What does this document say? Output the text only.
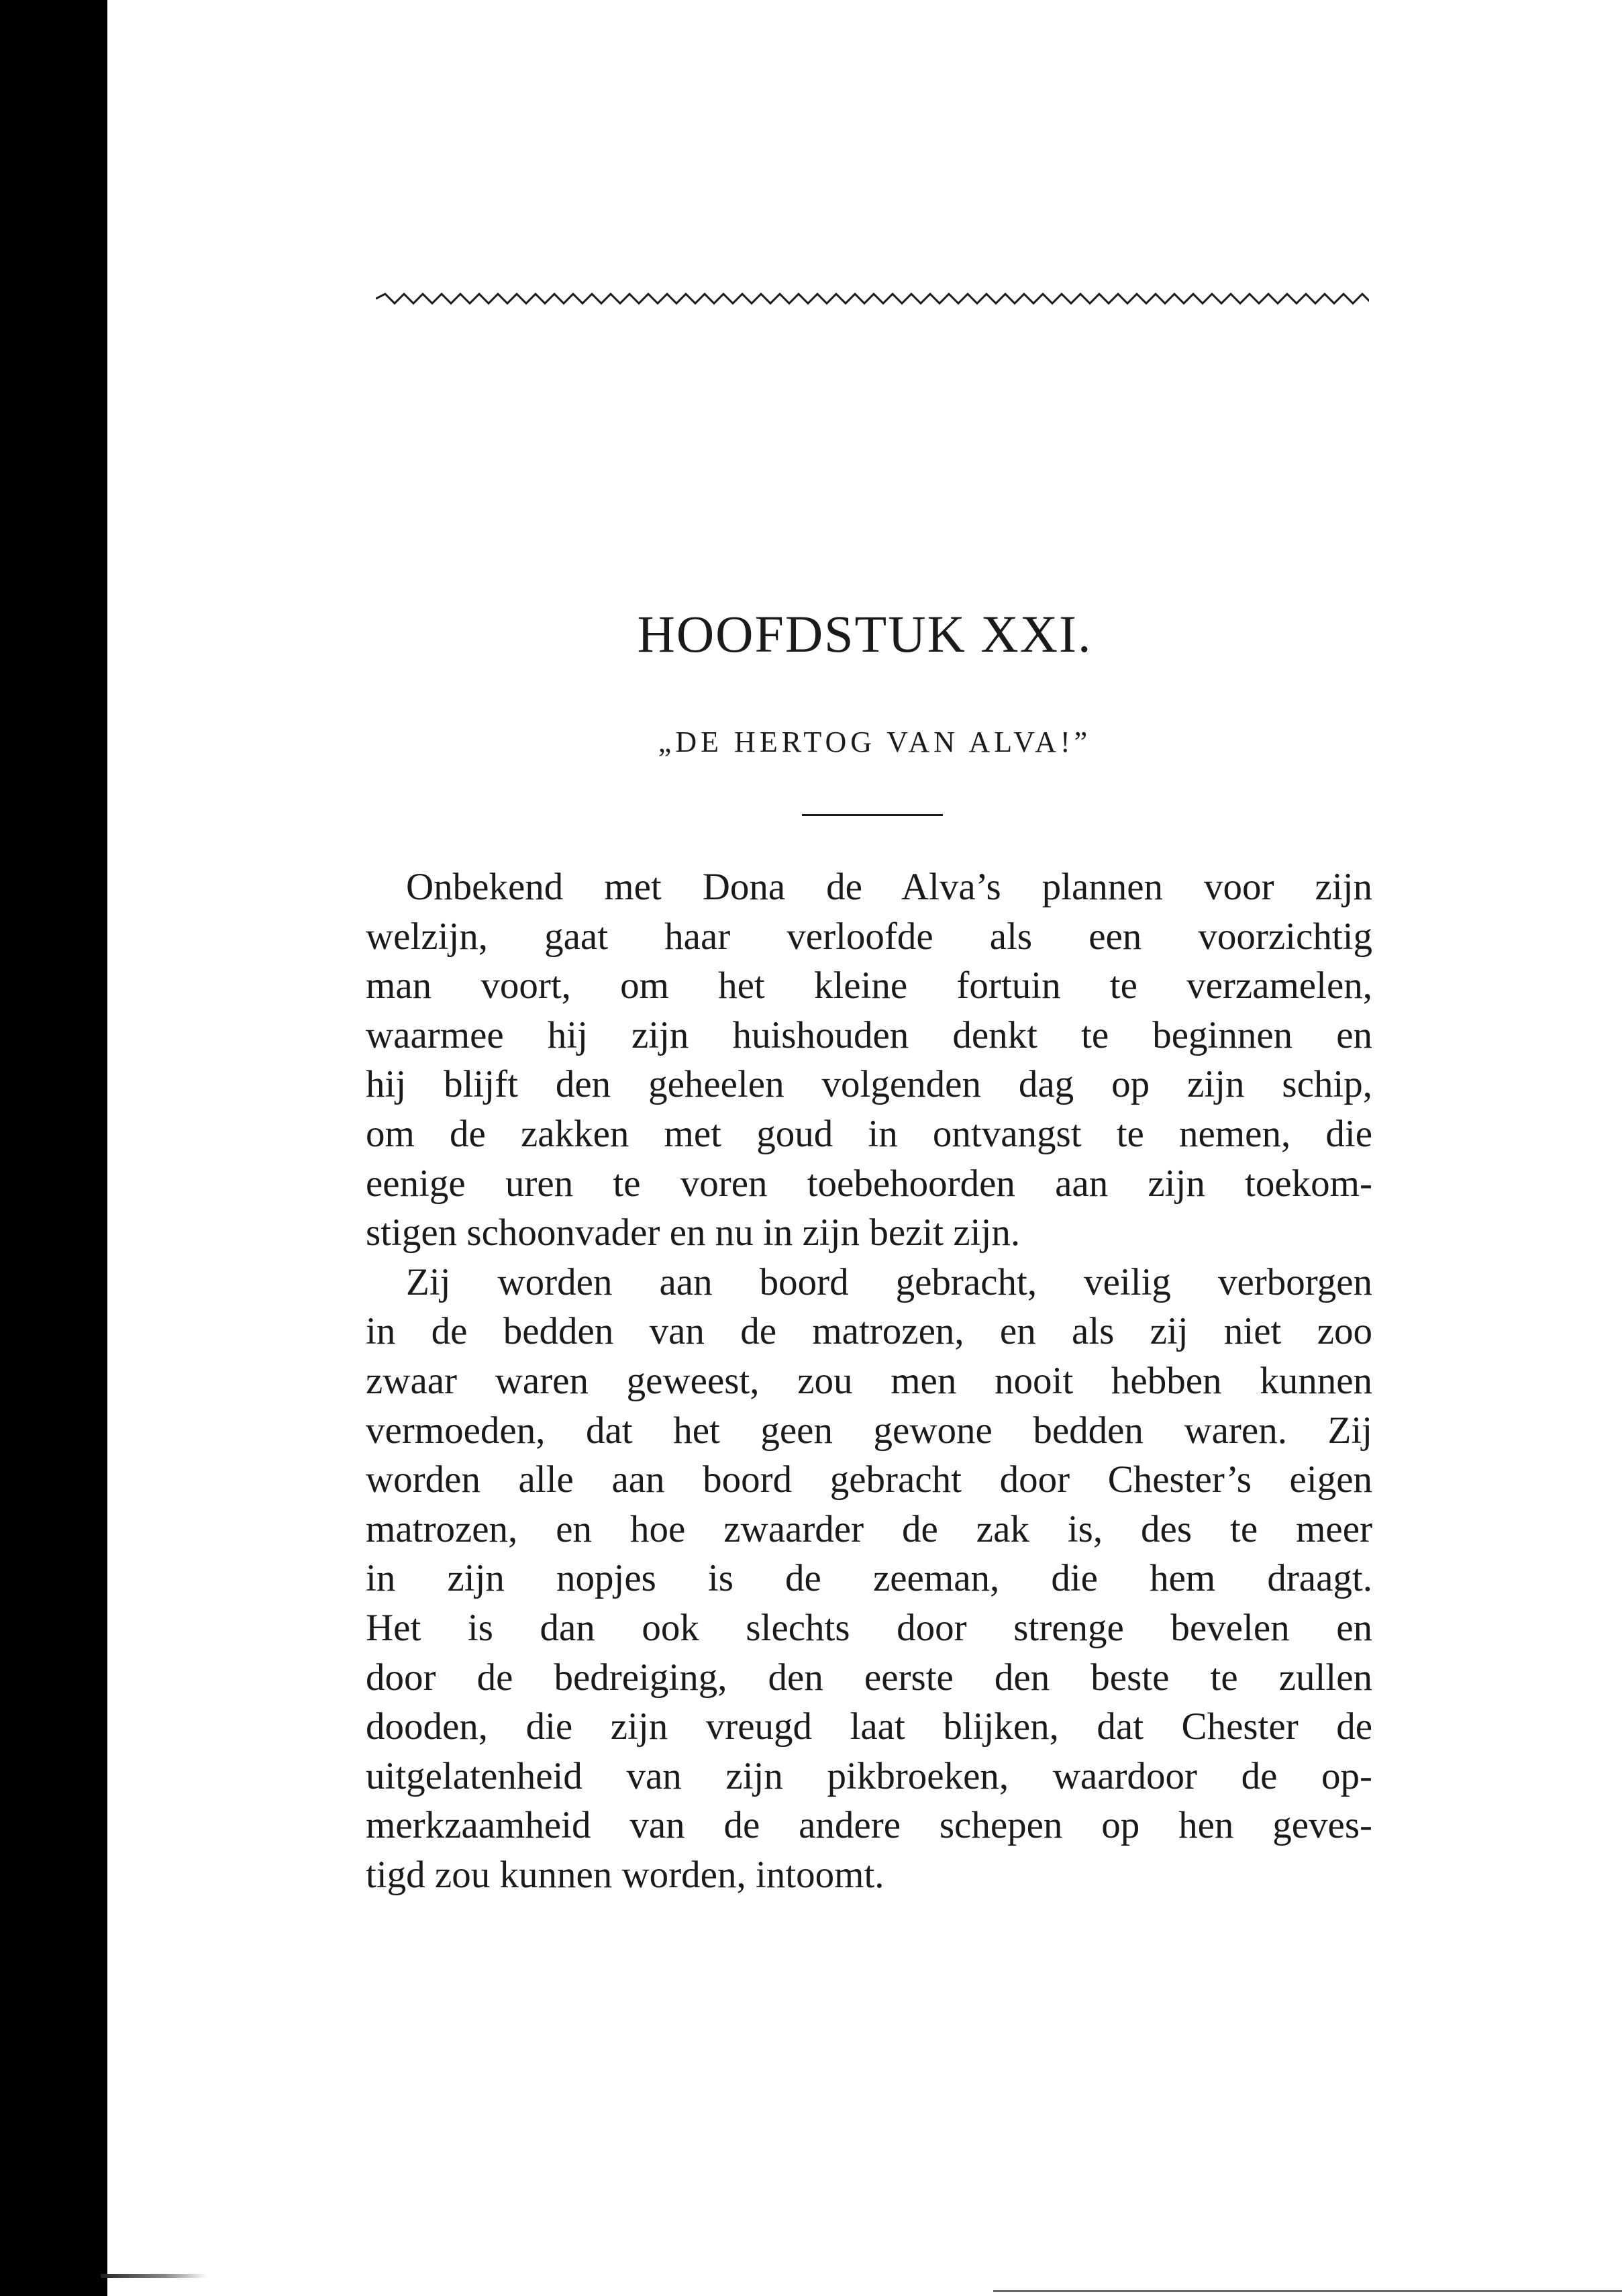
HOOFDSTUK XXI.

„DE HERTOG VAN ALVA!”

Onbekend met Dona de Alva’s plannen voor zijn
welzijn, gaat haar verloofde als een voorzichtig
man voort, om het kleine fortuin te verzamelen,
waarmee hij zijn huishouden denkt te beginnen en
hij blijft den geheelen volgenden dag op zijn schip,
om de zakken met goud in ontvangst te nemen, die
eenige uren te voren toebehoorden aan zijn toekom-
stigen schoonvader en nu in zijn bezit zijn.
Zij worden aan boord gebracht, veilig verborgen
in de bedden van de matrozen, en als zij niet zoo
zwaar waren geweest, zou men nooit hebben kunnen
vermoeden, dat het geen gewone bedden waren. Zij
worden alle aan boord gebracht door Chester’s eigen
matrozen, en hoe zwaarder de zak is, des te meer
in zijn nopjes is de zeeman, die hem draagt.
Het is dan ook slechts door strenge bevelen en
door de bedreiging, den eerste den beste te zullen
dooden, die zijn vreugd laat blijken, dat Chester de
uitgelatenheid van zijn pikbroeken, waardoor de op-
merkzaamheid van de andere schepen op hen geves-
tigd zou kunnen worden, intoomt.
